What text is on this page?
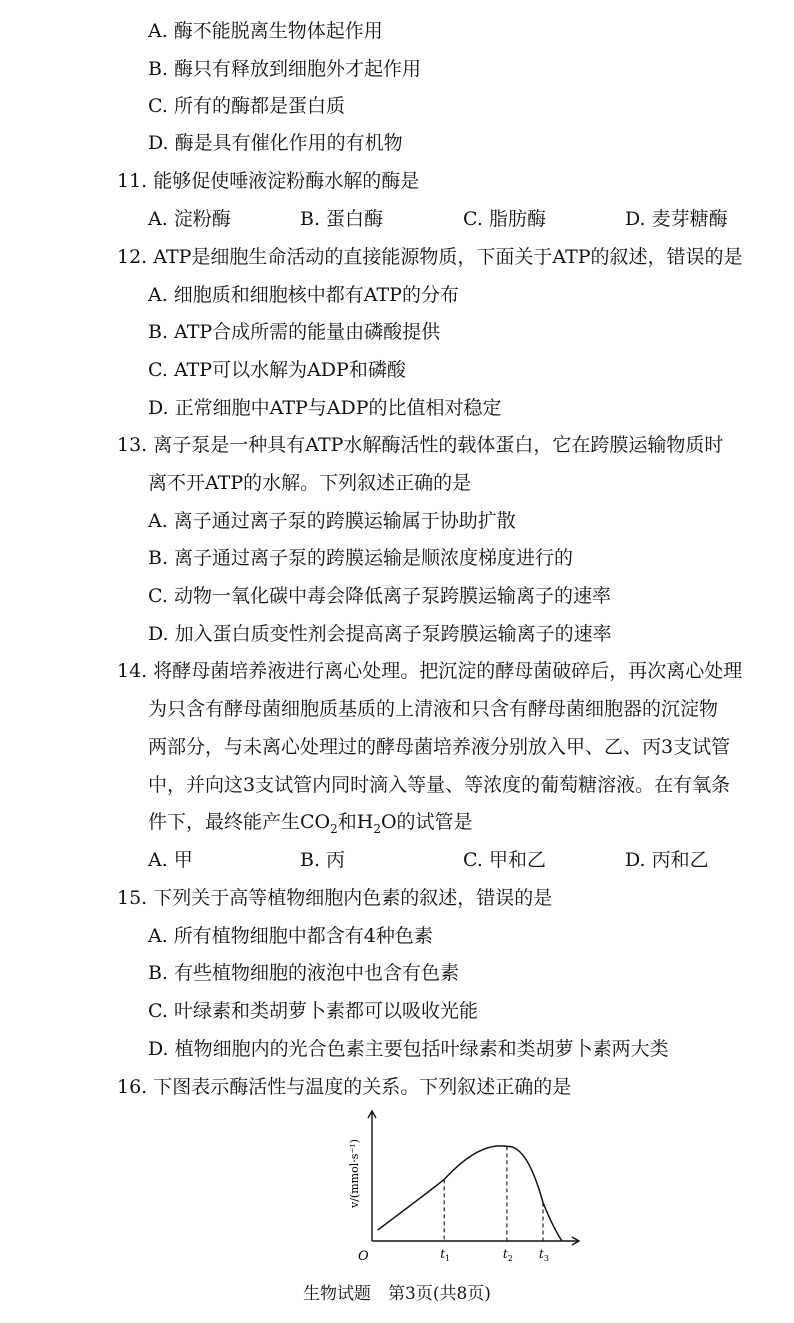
A. 酶不能脱离生物体起作用
B. 酶只有释放到细胞外才起作用
C. 所有的酶都是蛋白质
D. 酶是具有催化作用的有机物
11. 能够促使唾液淀粉酶水解的酶是
A. 淀粉酶	B. 蛋白酶	C. 脂肪酶	D. 麦芽糖酶
12. ATP是细胞生命活动的直接能源物质，下面关于ATP的叙述，错误的是
A. 细胞质和细胞核中都有ATP的分布
B. ATP合成所需的能量由磷酸提供
C. ATP可以水解为ADP和磷酸
D. 正常细胞中ATP与ADP的比值相对稳定
13. 离子泵是一种具有ATP水解酶活性的载体蛋白，它在跨膜运输物质时
离不开ATP的水解。下列叙述正确的是
A. 离子通过离子泵的跨膜运输属于协助扩散
B. 离子通过离子泵的跨膜运输是顺浓度梯度进行的
C. 动物一氧化碳中毒会降低离子泵跨膜运输离子的速率
D. 加入蛋白质变性剂会提高离子泵跨膜运输离子的速率
14. 将酵母菌培养液进行离心处理。把沉淀的酵母菌破碎后，再次离心处理
为只含有酵母菌细胞质基质的上清液和只含有酵母菌细胞器的沉淀物
两部分，与未离心处理过的酵母菌培养液分别放入甲、乙、丙3支试管
中，并向这3支试管内同时滴入等量、等浓度的葡萄糖溶液。在有氧条
件下，最终能产生$CO_2$和$H_2O$的试管是
A. 甲	B. 丙	C. 甲和乙	D. 丙和乙
15. 下列关于高等植物细胞内色素的叙述，错误的是
A. 所有植物细胞中都含有4种色素
B. 有些植物细胞的液泡中也含有色素
C. 叶绿素和类胡萝卜素都可以吸收光能
D. 植物细胞内的光合色素主要包括叶绿素和类胡萝卜素两大类
16. 下图表示酶活性与温度的关系。下列叙述正确的是
$t_1$	$t_2$ $t_3$
O
v/(mmol·s⁻¹)
生物试题　第3页(共8页)
